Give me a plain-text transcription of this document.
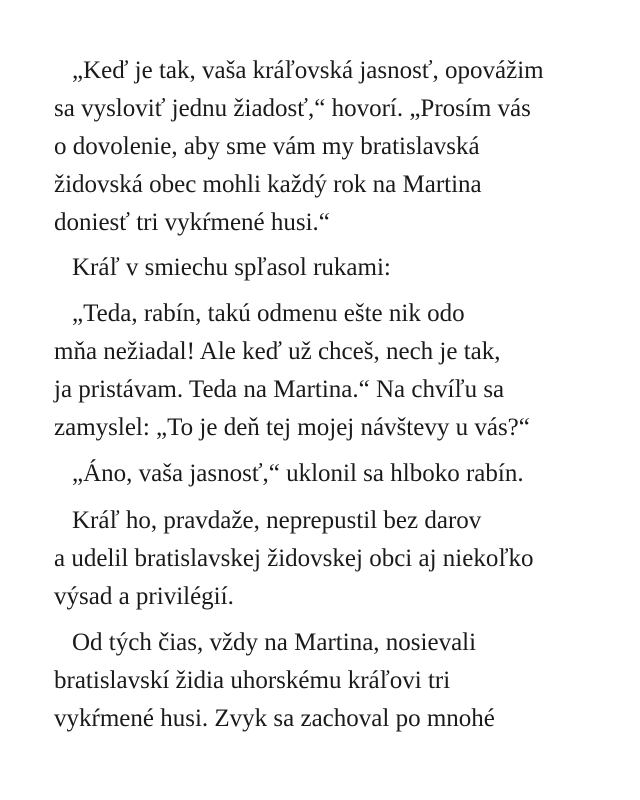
„Keď je tak, vaša kráľovská jasnosť, opovážim
sa vysloviť jednu žiadosť,“ hovorí. „Prosím vás
o dovolenie, aby sme vám my bratislavská
židovská obec mohli každý rok na Martina
doniesť tri vykŕmené husi.“
Kráľ v smiechu spľasol rukami:
„Teda, rabín, takú odmenu ešte nik odo
mňa nežiadal! Ale keď už chceš, nech je tak,
ja pristávam. Teda na Martina.“ Na chvíľu sa
zamyslel: „To je deň tej mojej návštevy u vás?“
„Áno, vaša jasnosť,“ uklonil sa hlboko rabín.
Kráľ ho, pravdaže, neprepustil bez darov
a udelil bratislavskej židovskej obci aj niekoľko
výsad a privilégií.
Od tých čias, vždy na Martina, nosievali
bratislavskí židia uhorskému kráľovi tri
vykŕmené husi. Zvyk sa zachoval po mnohé
